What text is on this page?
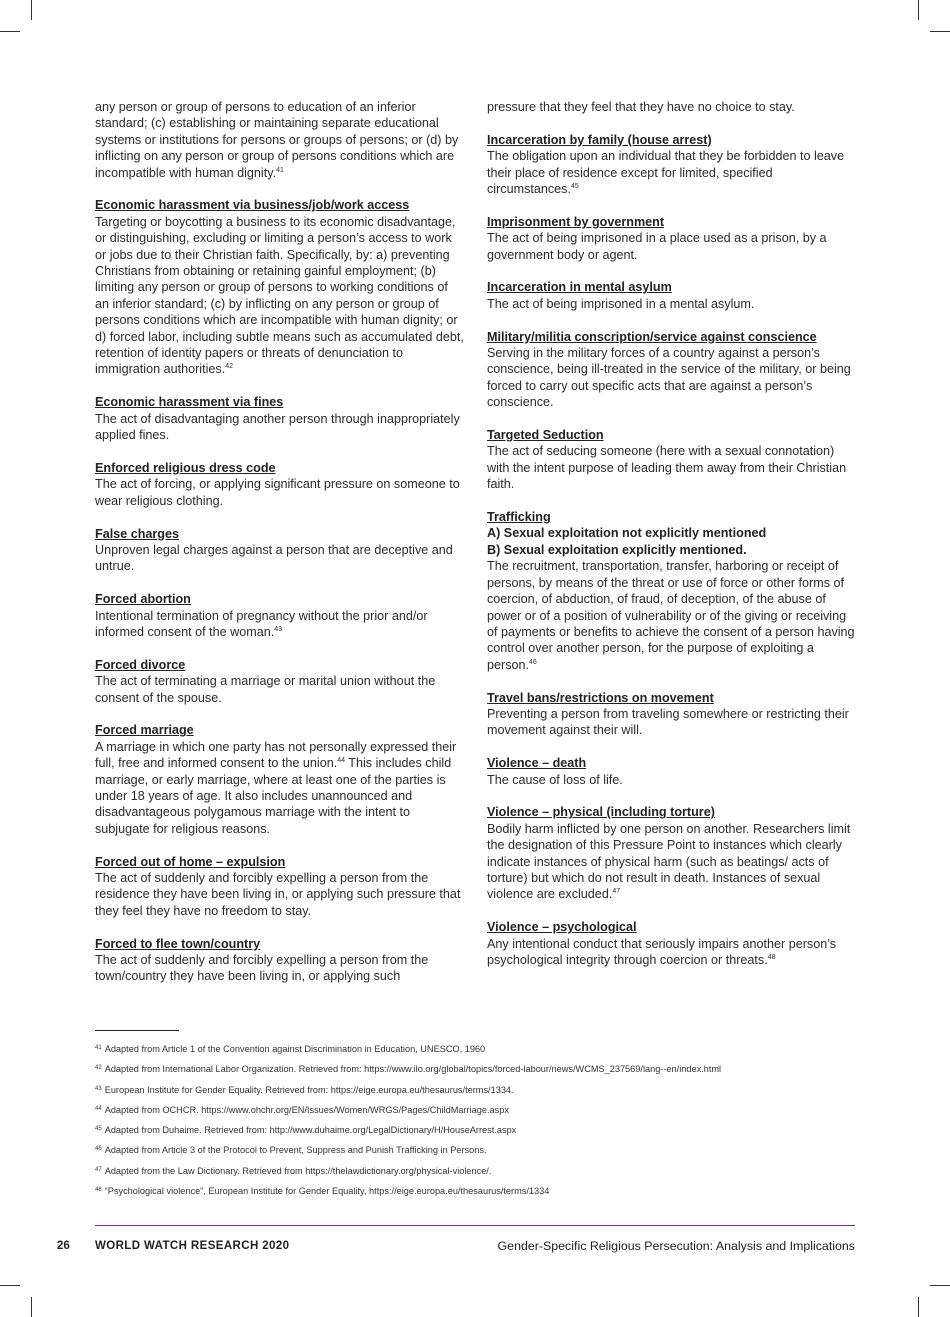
any person or group of persons to education of an inferior standard; (c) establishing or maintaining separate educational systems or institutions for persons or groups of persons; or (d) by inflicting on any person or group of persons conditions which are incompatible with human dignity.$^{41}$

Economic harassment via business/job/work access

Targeting or boycotting a business to its economic disadvantage, or distinguishing, excluding or limiting a person’s access to work or jobs due to their Christian faith. Specifically, by: a) preventing Christians from obtaining or retaining gainful employment; (b) limiting any person or group of persons to working conditions of an inferior standard; (c) by inflicting on any person or group of persons conditions which are incompatible with human dignity; or d) forced labor, including subtle means such as accumulated debt, retention of identity papers or threats of denunciation to immigration authorities.$^{42}$

Economic harassment via fines

The act of disadvantaging another person through inappropriately applied fines.

Enforced religious dress code

The act of forcing, or applying significant pressure on someone to wear religious clothing.

False charges

Unproven legal charges against a person that are deceptive and untrue.

Forced abortion

Intentional termination of pregnancy without the prior and/or informed consent of the woman.$^{43}$

Forced divorce

The act of terminating a marriage or marital union without the consent of the spouse.

Forced marriage

A marriage in which one party has not personally expressed their full, free and informed consent to the union.$^{44}$ This includes child marriage, or early marriage, where at least one of the parties is under 18 years of age. It also includes unannounced and disadvantageous polygamous marriage with the intent to subjugate for religious reasons.

Forced out of home – expulsion

The act of suddenly and forcibly expelling a person from the residence they have been living in, or applying such pressure that they feel they have no freedom to stay.

Forced to flee town/country

The act of suddenly and forcibly expelling a person from the town/country they have been living in, or applying such

pressure that they feel that they have no choice to stay.

Incarceration by family (house arrest)

The obligation upon an individual that they be forbidden to leave their place of residence except for limited, specified circumstances.$^{45}$

Imprisonment by government

The act of being imprisoned in a place used as a prison, by a government body or agent.

Incarceration in mental asylum

The act of being imprisoned in a mental asylum.

Military/militia conscription/service against conscience

Serving in the military forces of a country against a person’s conscience, being ill-treated in the service of the military, or being forced to carry out specific acts that are against a person’s conscience.

Targeted Seduction

The act of seducing someone (here with a sexual connotation) with the intent purpose of leading them away from their Christian faith.

Trafficking
A) Sexual exploitation not explicitly mentioned
B) Sexual exploitation explicitly mentioned.

The recruitment, transportation, transfer, harboring or receipt of persons, by means of the threat or use of force or other forms of coercion, of abduction, of fraud, of deception, of the abuse of power or of a position of vulnerability or of the giving or receiving of payments or benefits to achieve the consent of a person having control over another person, for the purpose of exploiting a person.$^{46}$

Travel bans/restrictions on movement

Preventing a person from traveling somewhere or restricting their movement against their will.

Violence – death

The cause of loss of life.

Violence – physical (including torture)

Bodily harm inflicted by one person on another. Researchers limit the designation of this Pressure Point to instances which clearly indicate instances of physical harm (such as beatings/ acts of torture) but which do not result in death. Instances of sexual violence are excluded.$^{47}$

Violence – psychological

Any intentional conduct that seriously impairs another person’s psychological integrity through coercion or threats.$^{48}$

$^{41}$ Adapted from Article 1 of the Convention against Discrimination in Education, UNESCO, 1960
$^{42}$ Adapted from International Labor Organization. Retrieved from: https://www.ilo.org/global/topics/forced-labour/news/WCMS_237569/lang--en/index.html
$^{43}$ European Institute for Gender Equality. Retrieved from: https://eige.europa.eu/thesaurus/terms/1334.
$^{44}$ Adapted from OCHCR. https://www.ohchr.org/EN/Issues/Women/WRGS/Pages/ChildMarriage.aspx
$^{45}$ Adapted from Duhaime. Retrieved from: http://www.duhaime.org/LegalDictionary/H/HouseArrest.aspx
$^{46}$ Adapted from Article 3 of the Protocol to Prevent, Suppress and Punish Trafficking in Persons.
$^{47}$ Adapted from the Law Dictionary. Retrieved from https://thelawdictionary.org/physical-violence/.
$^{48}$ “Psychological violence”, European Institute for Gender Equality, https://eige.europa.eu/thesaurus/terms/1334
26 WORLD WATCH RESEARCH 2020	Gender-Specific Religious Persecution: Analysis and Implications
